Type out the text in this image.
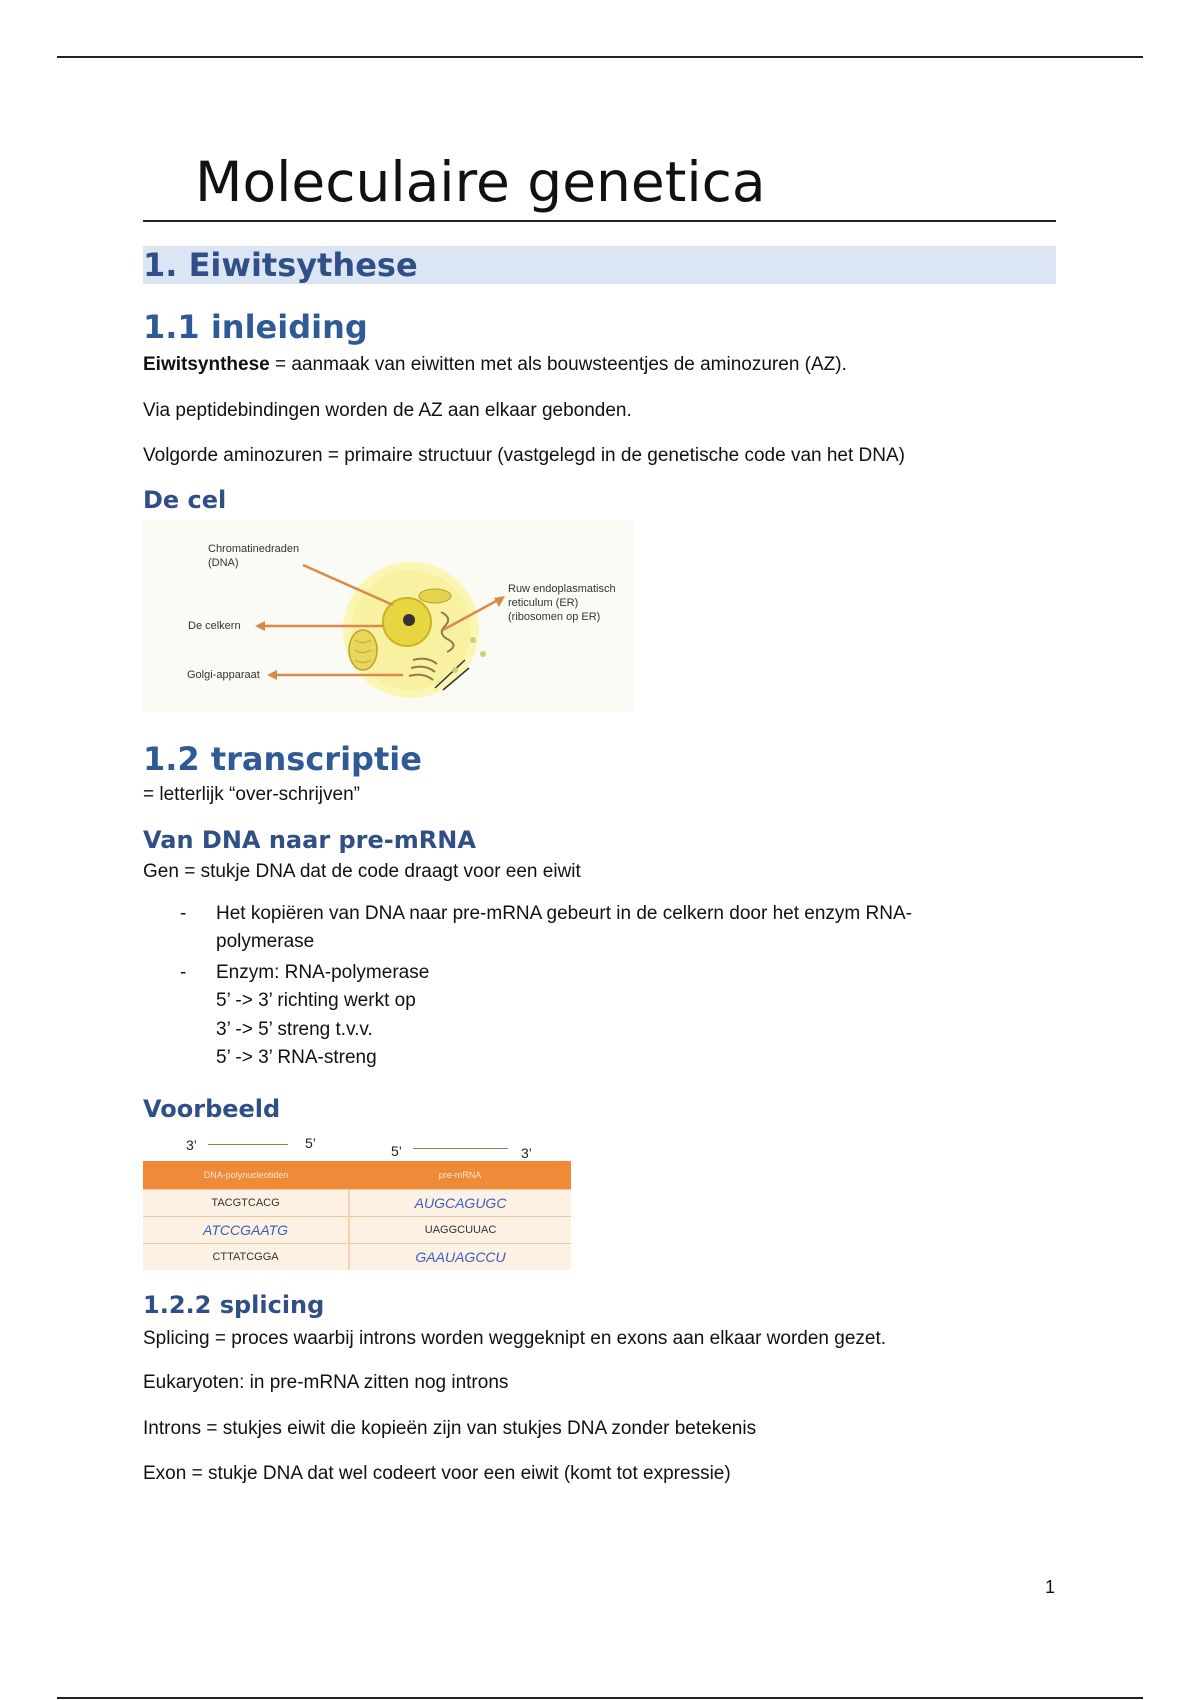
Moleculaire genetica
1. Eiwitsythese
1.1 inleiding

Eiwitsynthese = aanmaak van eiwitten met als bouwsteentjes de aminozuren (AZ).

Via peptidebindingen worden de AZ aan elkaar gebonden.

Volgorde aminozuren = primaire structuur (vastgelegd in de genetische code van het DNA)

De cel
Chromatinedraden
(DNA)
De celkern
Golgi-apparaat
Ruw endoplasmatisch
reticulum (ER)
(ribosomen op ER)
1.2 transcriptie

= letterlijk “over-schrijven”

Van DNA naar pre-mRNA

Gen = stukje DNA dat de code draagt voor een eiwit

- Het kopiëren van DNA naar pre-mRNA gebeurt in de celkern door het enzym RNA-
polymerase
- Enzym: RNA-polymerase
5’ -> 3’ richting werkt op
3’ -> 5’ streng t.v.v.
5’ -> 3’ RNA-streng
Voorbeeld
3’	5’	5’	3’
DNA-polynucleotiden	pre-mRNA
TACGTCACG	AUGCAGUGC
ATCCGAATG	UAGGCUUAC
CTTATCGGA	GAAUAGCCU
1.2.2 splicing

Splicing = proces waarbij introns worden weggeknipt en exons aan elkaar worden gezet.

Eukaryoten: in pre-mRNA zitten nog introns

Introns = stukjes eiwit die kopieën zijn van stukjes DNA zonder betekenis

Exon = stukje DNA dat wel codeert voor een eiwit (komt tot expressie)

1
